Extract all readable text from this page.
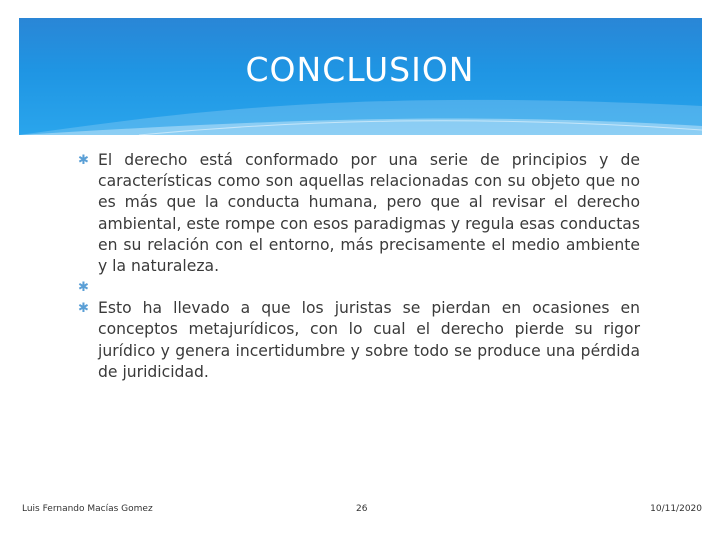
CONCLUSION
✱ El derecho está conformado por una serie de principios y de características como son aquellas relacionadas con su objeto que no es más que la conducta humana, pero que al revisar el derecho ambiental, este rompe con esos paradigmas y regula esas conductas en su relación con el entorno, más precisamente el medio ambiente y la naturaleza.
✱
✱ Esto ha llevado a que los juristas se pierdan en ocasiones en conceptos metajurídicos, con lo cual el derecho pierde su rigor jurídico y genera incertidumbre y sobre todo se produce una pérdida de juridicidad.
Luis Fernando Macías Gomez	26	10/11/2020
